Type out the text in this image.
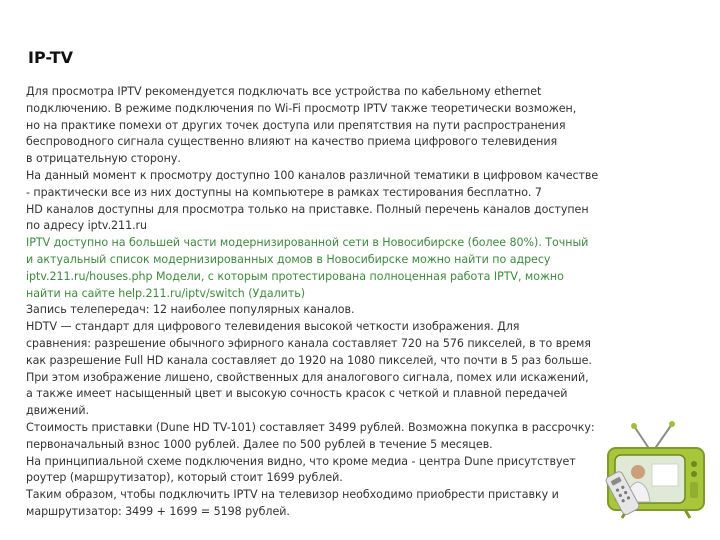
IP-TV
Для просмотра IPTV рекомендуется подключать все устройства по кабельному ethernet
подключению. В режиме подключения по Wi-Fi просмотр IPTV также теоретически возможен,
но на практике помехи от других точек доступа или препятствия на пути распространения
беспроводного сигнала существенно влияют на качество приема цифрового телевидения
в отрицательную сторону.
На данный момент к просмотру доступно 100 каналов различной тематики в цифровом качестве
- практически все из них доступны на компьютере в рамках тестирования бесплатно. 7
HD каналов доступны для просмотра только на приставке. Полный перечень каналов доступен
по адресу iptv.211.ru
IPTV доступно на большей части модернизированной сети в Новосибирске (более 80%). Точный
и актуальный список модернизированных домов в Новосибирске можно найти по адресу
iptv.211.ru/houses.php Модели, с которым протестирована полноценная работа IPTV, можно
найти на сайте help.211.ru/iptv/switch (Удалить)
Запись телепередач: 12 наиболее популярных каналов.
HDTV — стандарт для цифрового телевидения высокой четкости изображения. Для
сравнения: разрешение обычного эфирного канала составляет 720 на 576 пикселей, в то время
как разрешение Full HD канала составляет до 1920 на 1080 пикселей, что почти в 5 раз больше.
При этом изображение лишено, свойственных для аналогового сигнала, помех или искажений,
а также имеет насыщенный цвет и высокую сочность красок с четкой и плавной передачей
движений.
Стоимость приставки (Dune HD TV-101) составляет 3499 рублей. Возможна покупка в рассрочку:
первоначальный взнос 1000 рублей. Далее по 500 рублей в течение 5 месяцев.
На принципиальной схеме подключения видно, что кроме медиа - центра Dune присутствует
роутер (маршрутизатор), который стоит 1699 рублей.
Таким образом, чтобы подключить IPTV на телевизор необходимо приобрести приставку и
маршрутизатор: 3499 + 1699 = 5198 рублей.
